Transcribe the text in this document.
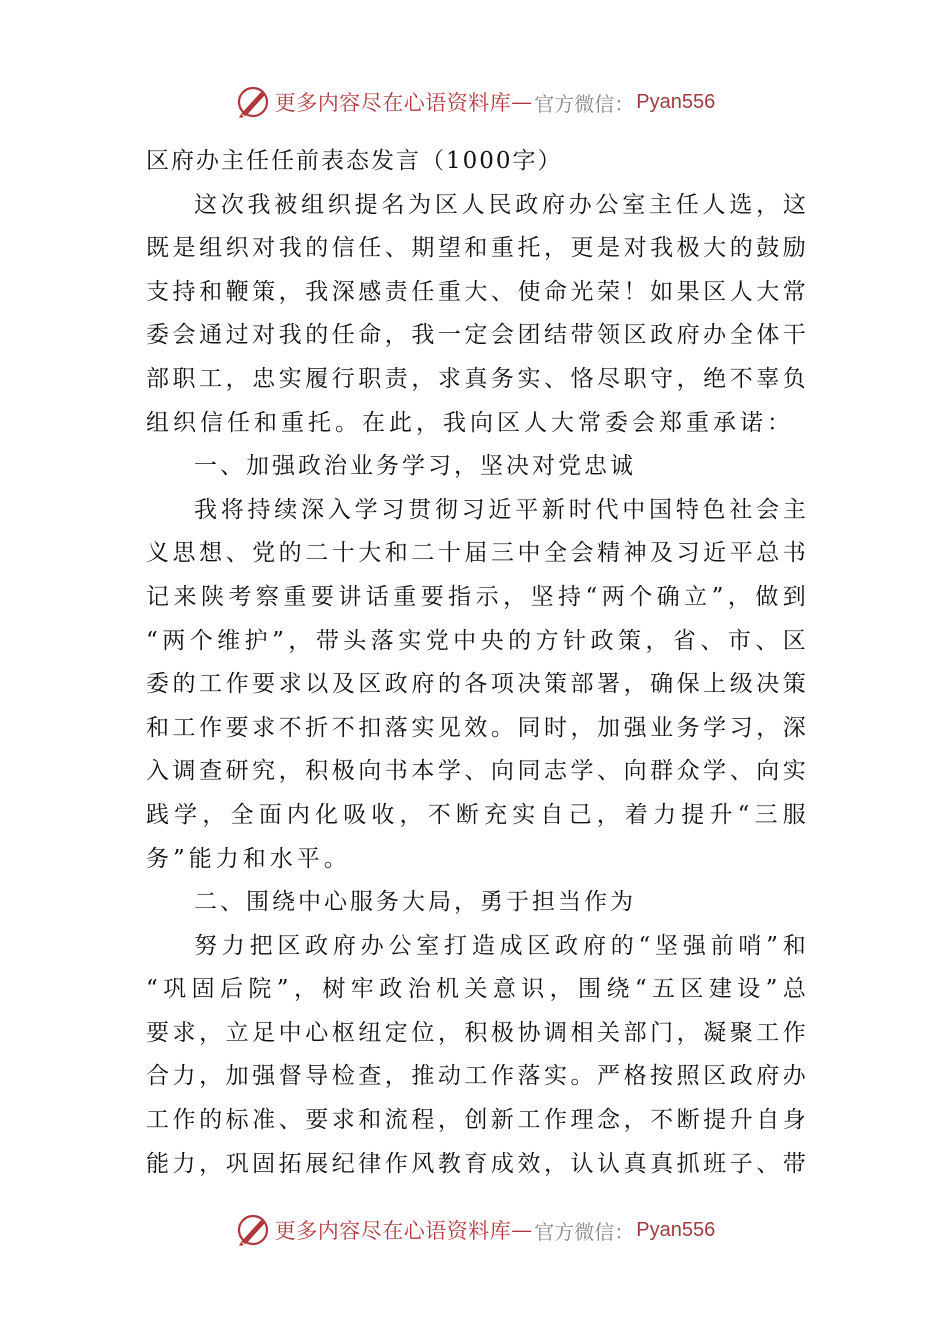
更多内容尽在心语资料库 — 官方微信： Pyan556
区府办主任任前表态发言（1000字）
这 次 我 被 组 织 提 名 为 区 人 民 政 府 办 公 室 主 任 人 选 ， 这
既 是 组 织 对 我 的 信 任 、 期 望 和 重 托 ， 更 是 对 我 极 大 的 鼓 励
支 持 和 鞭 策 ， 我 深 感 责 任 重 大 、 使 命 光 荣 ！ 如 果 区 人 大 常
委 会 通 过 对 我 的 任 命 ， 我 一 定 会 团 结 带 领 区 政 府 办 全 体 干
部 职 工 ， 忠 实 履 行 职 责 ， 求 真 务 实 、 恪 尽 职 守 ， 绝 不 辜 负
组织信任和重托。在此，我向区人大常委会郑重承诺：
一、加强政治业务学习，坚决对党忠诚
我 将 持 续 深 入 学 习 贯 彻 习 近 平 新 时 代 中 国 特 色 社 会 主
义 思 想 、 党 的 二 十 大 和 二 十 届 三 中 全 会 精 神 及 习 近 平 总 书
记 来 陕 考 察 重 要 讲 话 重 要 指 示 ， 坚 持 “ 两 个 确 立 ” ， 做 到
“ 两 个 维 护 ” ， 带 头 落 实 党 中 央 的 方 针 政 策 ， 省 、 市 、 区
委 的 工 作 要 求 以 及 区 政 府 的 各 项 决 策 部 署 ， 确 保 上 级 决 策
和 工 作 要 求 不 折 不 扣 落 实 见 效 。 同 时 ， 加 强 业 务 学 习 ， 深
入 调 查 研 究 ， 积 极 向 书 本 学 、 向 同 志 学 、 向 群 众 学 、 向 实
践 学 ， 全 面 内 化 吸 收 ， 不 断 充 实 自 己 ， 着 力 提 升 “ 三 服
务”能力和水平。
二、围绕中心服务大局，勇于担当作为
努 力 把 区 政 府 办 公 室 打 造 成 区 政 府 的 “ 坚 强 前 哨 ” 和
“ 巩 固 后 院 ” ， 树 牢 政 治 机 关 意 识 ， 围 绕 “ 五 区 建 设 ” 总
要 求 ， 立 足 中 心 枢 纽 定 位 ， 积 极 协 调 相 关 部 门 ， 凝 聚 工 作
合 力 ， 加 强 督 导 检 查 ， 推 动 工 作 落 实 。 严 格 按 照 区 政 府 办
工 作 的 标 准 、 要 求 和 流 程 ， 创 新 工 作 理 念 ， 不 断 提 升 自 身
能 力 ， 巩 固 拓 展 纪 律 作 风 教 育 成 效 ， 认 认 真 真 抓 班 子 、 带
更多内容尽在心语资料库 — 官方微信： Pyan556
